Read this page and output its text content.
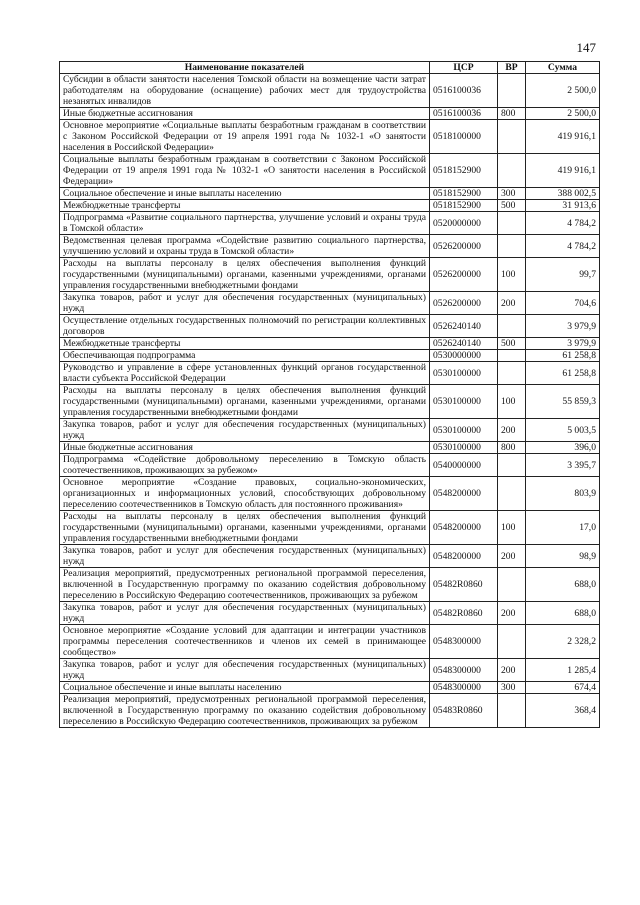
147
Наименование показателей	ЦСР	ВР	Сумма
Субсидии в области занятости населения Томской области на возмещение части затрат работодателям на оборудование (оснащение) рабочих мест для трудоустройства незанятых инвалидов	0516100036		2 500,0
Иные бюджетные ассигнования	0516100036	800	2 500,0
Основное мероприятие «Социальные выплаты безработным гражданам в соответствии с Законом Российской Федерации от 19 апреля 1991 года № 1032-1 «О занятости населения в Российской Федерации»	0518100000		419 916,1
Социальные выплаты безработным гражданам в соответствии с Законом Российской Федерации от 19 апреля 1991 года № 1032-1 «О занятости населения в Российской Федерации»	0518152900		419 916,1
Социальное обеспечение и иные выплаты населению	0518152900	300	388 002,5
Межбюджетные трансферты	0518152900	500	31 913,6
Подпрограмма «Развитие социального партнерства, улучшение условий и охраны труда в Томской области»	0520000000		4 784,2
Ведомственная целевая программа «Содействие развитию социального партнерства, улучшению условий и охраны труда в Томской области»	0526200000		4 784,2
Расходы на выплаты персоналу в целях обеспечения выполнения функций государственными (муниципальными) органами, казенными учреждениями, органами управления государственными внебюджетными фондами	0526200000	100	99,7
Закупка товаров, работ и услуг для обеспечения государственных (муниципальных) нужд	0526200000	200	704,6
Осуществление отдельных государственных полномочий по регистрации коллективных договоров	0526240140		3 979,9
Межбюджетные трансферты	0526240140	500	3 979,9
Обеспечивающая подпрограмма	0530000000		61 258,8
Руководство и управление в сфере установленных функций органов государственной власти субъекта Российской Федерации	0530100000		61 258,8
Расходы на выплаты персоналу в целях обеспечения выполнения функций государственными (муниципальными) органами, казенными учреждениями, органами управления государственными внебюджетными фондами	0530100000	100	55 859,3
Закупка товаров, работ и услуг для обеспечения государственных (муниципальных) нужд	0530100000	200	5 003,5
Иные бюджетные ассигнования	0530100000	800	396,0
Подпрограмма «Содействие добровольному переселению в Томскую область соотечественников, проживающих за рубежом»	0540000000		3 395,7
Основное мероприятие «Создание правовых, социально-экономических, организационных и информационных условий, способствующих добровольному переселению соотечественников в Томскую область для постоянного проживания»	0548200000		803,9
Расходы на выплаты персоналу в целях обеспечения выполнения функций государственными (муниципальными) органами, казенными учреждениями, органами управления государственными внебюджетными фондами	0548200000	100	17,0
Закупка товаров, работ и услуг для обеспечения государственных (муниципальных) нужд	0548200000	200	98,9
Реализация мероприятий, предусмотренных региональной программой переселения, включенной в Государственную программу по оказанию содействия добровольному переселению в Российскую Федерацию соотечественников, проживающих за рубежом	05482R0860		688,0
Закупка товаров, работ и услуг для обеспечения государственных (муниципальных) нужд	05482R0860	200	688,0
Основное мероприятие «Создание условий для адаптации и интеграции участников программы переселения соотечественников и членов их семей в принимающее сообщество»	0548300000		2 328,2
Закупка товаров, работ и услуг для обеспечения государственных (муниципальных) нужд	0548300000	200	1 285,4
Социальное обеспечение и иные выплаты населению	0548300000	300	674,4
Реализация мероприятий, предусмотренных региональной программой переселения, включенной в Государственную программу по оказанию содействия добровольному переселению в Российскую Федерацию соотечественников, проживающих за рубежом	05483R0860		368,4
